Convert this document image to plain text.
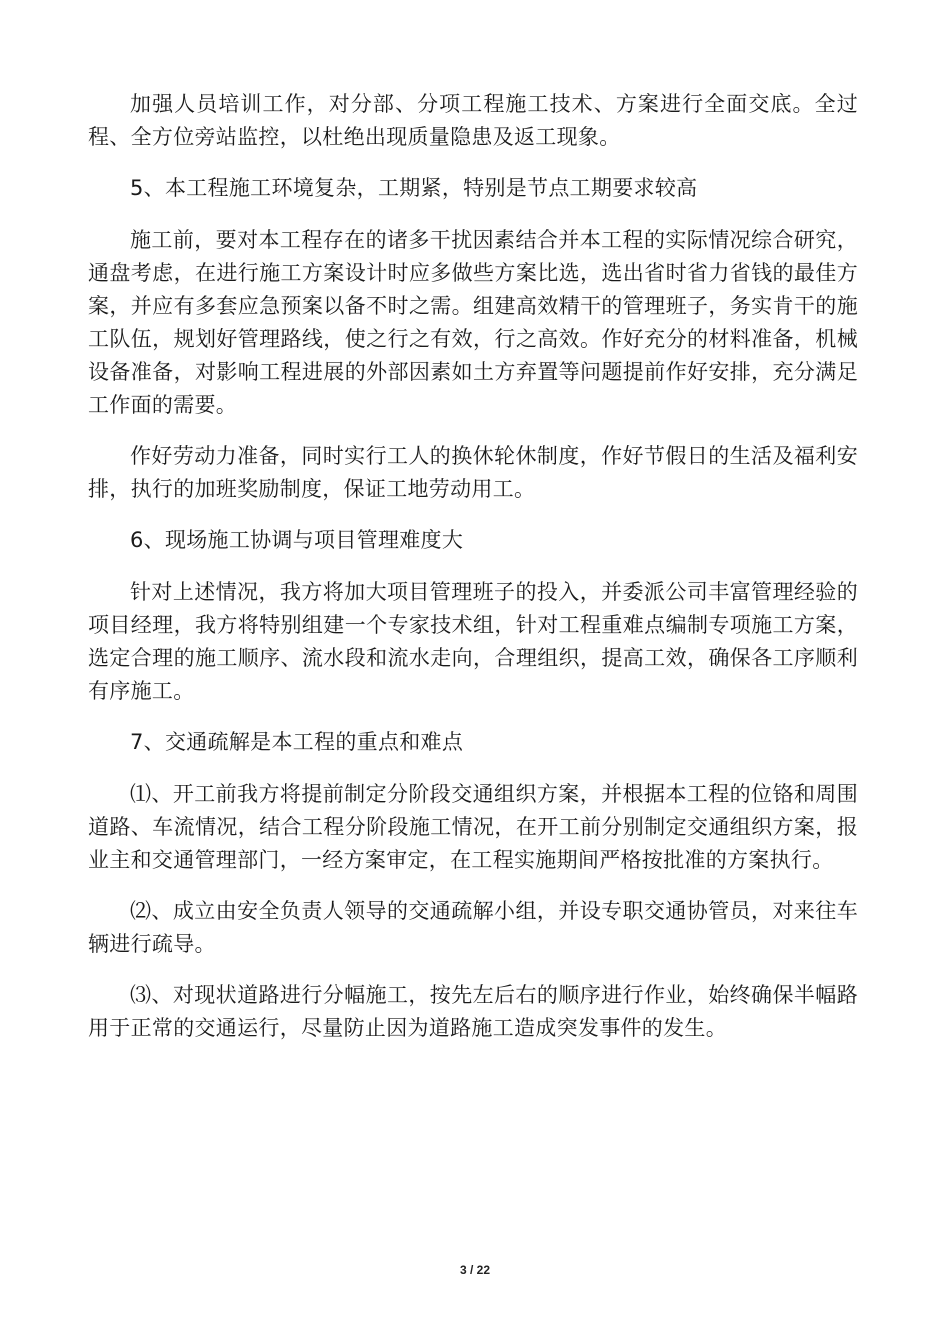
加强人员培训工作，对分部、分项工程施工技术、方案进行全面交底。全过程、全方位旁站监控，以杜绝出现质量隐患及返工现象。

5、本工程施工环境复杂，工期紧，特别是节点工期要求较高

施工前，要对本工程存在的诸多干扰因素结合并本工程的实际情况综合研究，通盘考虑，在进行施工方案设计时应多做些方案比选，选出省时省力省钱的最佳方案，并应有多套应急预案以备不时之需。组建高效精干的管理班子，务实肯干的施工队伍，规划好管理路线，使之行之有效，行之高效。作好充分的材料准备，机械设备准备，对影响工程进展的外部因素如土方弃置等问题提前作好安排，充分满足工作面的需要。

作好劳动力准备，同时实行工人的换休轮休制度，作好节假日的生活及福利安排，执行的加班奖励制度，保证工地劳动用工。

6、现场施工协调与项目管理难度大

针对上述情况，我方将加大项目管理班子的投入，并委派公司丰富管理经验的项目经理，我方将特别组建一个专家技术组，针对工程重难点编制专项施工方案，选定合理的施工顺序、流水段和流水走向，合理组织，提高工效，确保各工序顺利有序施工。

7、交通疏解是本工程的重点和难点

⑴、开工前我方将提前制定分阶段交通组织方案，并根据本工程的位铬和周围道路、车流情况，结合工程分阶段施工情况，在开工前分别制定交通组织方案，报业主和交通管理部门，一经方案审定，在工程实施期间严格按批准的方案执行。

⑵、成立由安全负责人领导的交通疏解小组，并设专职交通协管员，对来往车辆进行疏导。

⑶、对现状道路进行分幅施工，按先左后右的顺序进行作业，始终确保半幅路用于正常的交通运行，尽量防止因为道路施工造成突发事件的发生。

3 / 22
